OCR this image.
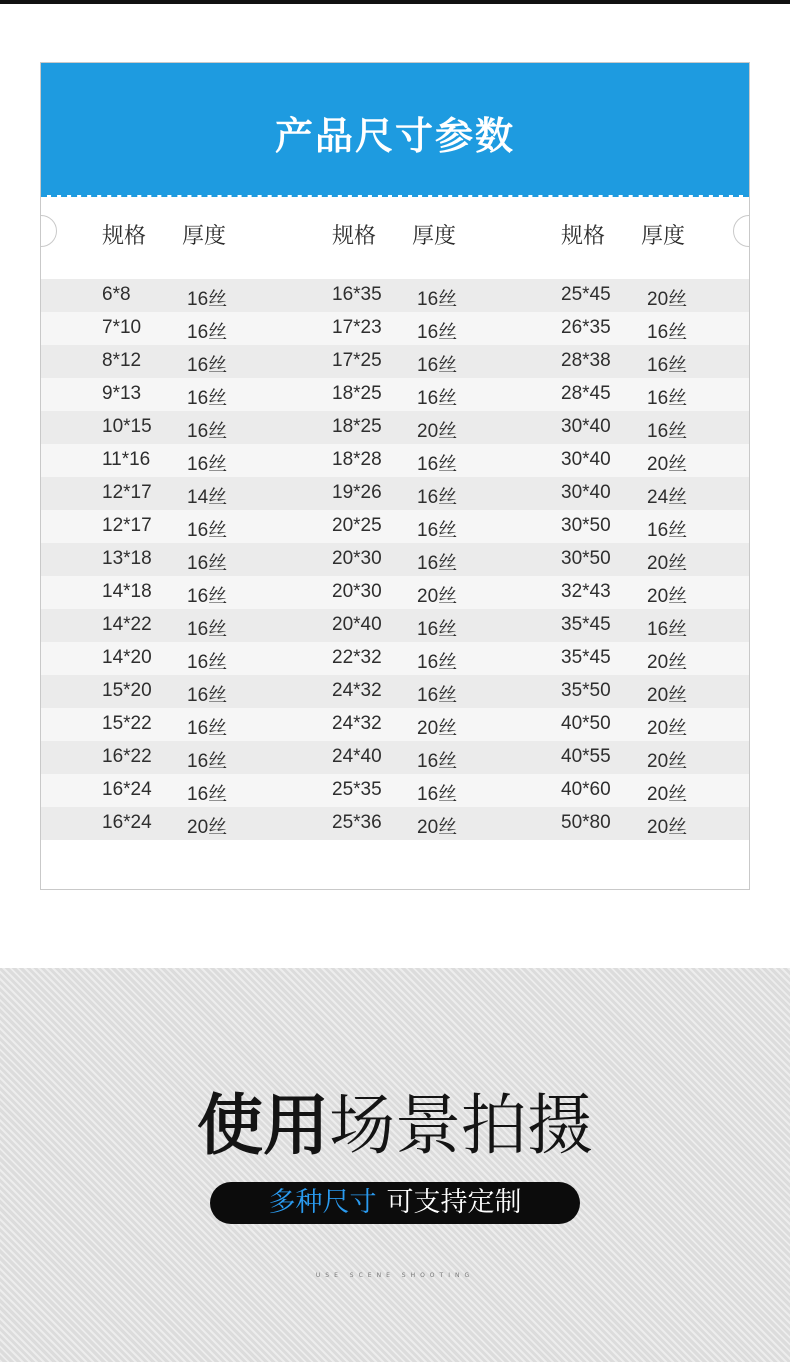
产品尺寸参数
规格 厚度	规格 厚度	规格 厚度
6*8	16丝	16*35 16丝	25*45 20丝
7*10 16丝	17*23 16丝	26*35 16丝
8*12 16丝	17*25 16丝	28*38 16丝
9*13 16丝	18*25 16丝	28*45 16丝
10*15 16丝	18*25 20丝	30*40 16丝
11*16 16丝	18*28 16丝	30*40 20丝
12*17 14丝	19*26 16丝	30*40 24丝
12*17 16丝	20*25 16丝	30*50 16丝
13*18 16丝	20*30 16丝	30*50 20丝
14*18 16丝	20*30 20丝	32*43 20丝
14*22 16丝	20*40 16丝	35*45 16丝
14*20 16丝	22*32 16丝	35*45 20丝
15*20 16丝	24*32 16丝	35*50 20丝
15*22 16丝	24*32 20丝	40*50 20丝
16*22 16丝	24*40 16丝	40*55 20丝
16*24 16丝	25*35 16丝	40*60 20丝
16*24 20丝	25*36 20丝	50*80 20丝
使用场景拍摄
多种尺寸 可支持定制
USE SCENE SHOOTING
